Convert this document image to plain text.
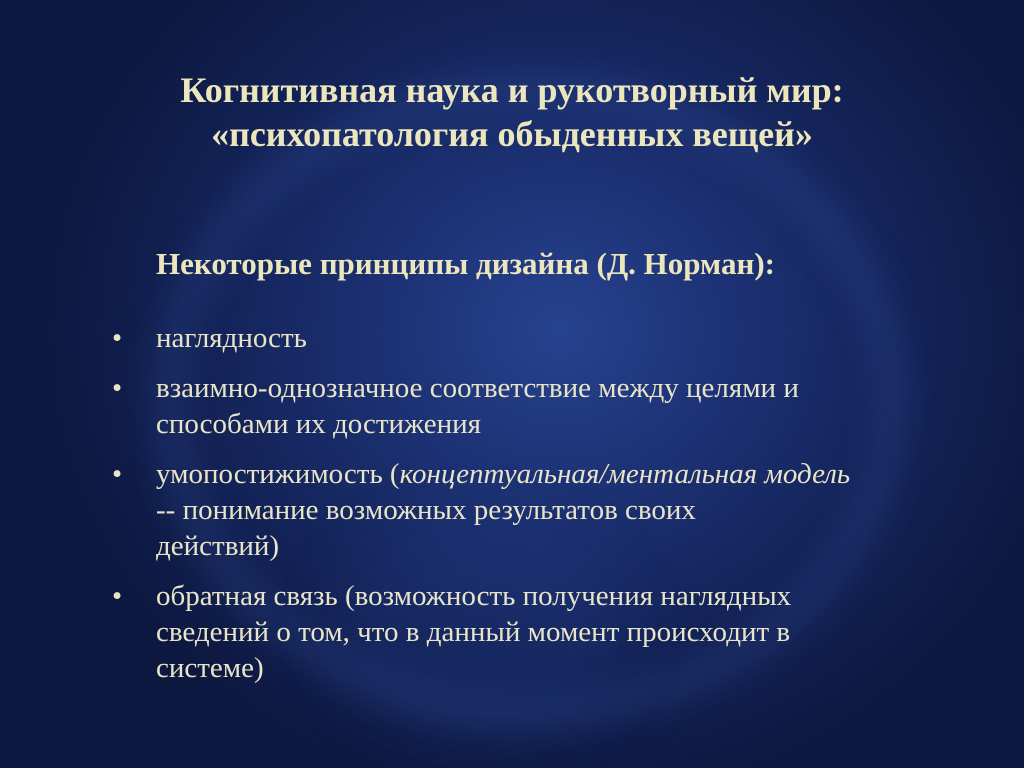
Когнитивная наука и рукотворный мир:
«психопатология обыденных вещей»
Некоторые принципы дизайна (Д. Норман):
•	наглядность
•	взаимно-однозначное соответствие между целями и
способами их достижения
•	умопостижимость (концептуальная/ментальная модель
-- понимание возможных результатов своих
действий)
•	обратная связь (возможность получения наглядных
сведений о том, что в данный момент происходит в
системе)
